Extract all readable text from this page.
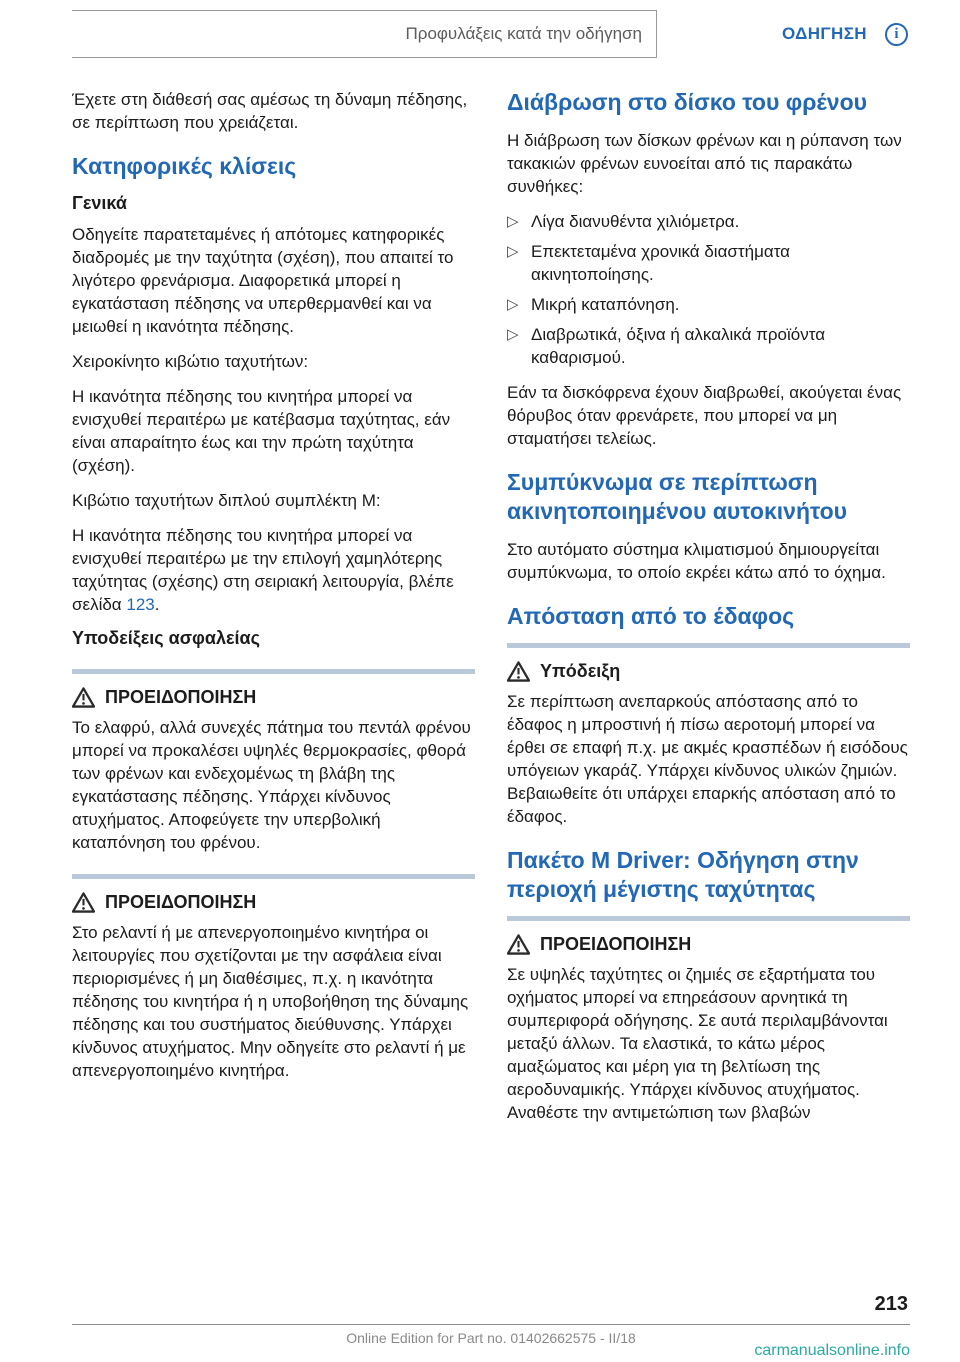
Προφυλάξεις κατά την οδήγηση	ΟΔΗΓΗΣΗ	i

Έχετε στη διάθεσή σας αμέσως τη δύναμη πέδησης, σε περίπτωση που χρειάζεται.

Κατηφορικές κλίσεις
Γενικά

Οδηγείτε παρατεταμένες ή απότομες κατηφορικές διαδρομές με την ταχύτητα (σχέση), που απαιτεί το λιγότερο φρενάρισμα. Διαφορετικά μπορεί η εγκατάσταση πέδησης να υπερθερμανθεί και να μειωθεί η ικανότητα πέδησης.

Χειροκίνητο κιβώτιο ταχυτήτων:

Η ικανότητα πέδησης του κινητήρα μπορεί να ενισχυθεί περαιτέρω με κατέβασμα ταχύτητας, εάν είναι απαραίτητο έως και την πρώτη ταχύτητα (σχέση).

Κιβώτιο ταχυτήτων διπλού συμπλέκτη M:

Η ικανότητα πέδησης του κινητήρα μπορεί να ενισχυθεί περαιτέρω με την επιλογή χαμηλότερης ταχύτητας (σχέσης) στη σειριακή λειτουργία, βλέπε σελίδα 123.

Υποδείξεις ασφαλείας
ΠΡΟΕΙΔΟΠΟΙΗΣΗ

Το ελαφρύ, αλλά συνεχές πάτημα του πεντάλ φρένου μπορεί να προκαλέσει υψηλές θερμοκρασίες, φθορά των φρένων και ενδεχομένως τη βλάβη της εγκατάστασης πέδησης. Υπάρχει κίνδυνος ατυχήματος. Αποφεύγετε την υπερβολική καταπόνηση του φρένου.

ΠΡΟΕΙΔΟΠΟΙΗΣΗ

Στο ρελαντί ή με απενεργοποιημένο κινητήρα οι λειτουργίες που σχετίζονται με την ασφάλεια είναι περιορισμένες ή μη διαθέσιμες, π.χ. η ικανότητα πέδησης του κινητήρα ή η υποβοήθηση της δύναμης πέδησης και του συστήματος διεύθυνσης. Υπάρχει κίνδυνος ατυχήματος. Μην οδηγείτε στο ρελαντί ή με απενεργοποιημένο κινητήρα.

Διάβρωση στο δίσκο του φρένου

Η διάβρωση των δίσκων φρένων και η ρύπανση των τακακιών φρένων ευνοείται από τις παρακάτω συνθήκες:

▷ Λίγα διανυθέντα χιλιόμετρα.
▷ Επεκτεταμένα χρονικά διαστήματα ακινητοποίησης.
▷ Μικρή καταπόνηση.
▷ Διαβρωτικά, όξινα ή αλκαλικά προϊόντα καθαρισμού.

Εάν τα δισκόφρενα έχουν διαβρωθεί, ακούγεται ένας θόρυβος όταν φρενάρετε, που μπορεί να μη σταματήσει τελείως.

Συμπύκνωμα σε περίπτωση ακινητοποιημένου αυτοκινήτου

Στο αυτόματο σύστημα κλιματισμού δημιουργείται συμπύκνωμα, το οποίο εκρέει κάτω από το όχημα.

Απόσταση από το έδαφος
Υπόδειξη

Σε περίπτωση ανεπαρκούς απόστασης από το έδαφος η μπροστινή ή πίσω αεροτομή μπορεί να έρθει σε επαφή π.χ. με ακμές κρασπέδων ή εισόδους υπόγειων γκαράζ. Υπάρχει κίνδυνος υλικών ζημιών. Βεβαιωθείτε ότι υπάρχει επαρκής απόσταση από το έδαφος.

Πακέτο M Driver: Οδήγηση στην περιοχή μέγιστης ταχύτητας
ΠΡΟΕΙΔΟΠΟΙΗΣΗ

Σε υψηλές ταχύτητες οι ζημιές σε εξαρτήματα του οχήματος μπορεί να επηρεάσουν αρνητικά τη συμπεριφορά οδήγησης. Σε αυτά περιλαμβάνονται μεταξύ άλλων. Τα ελαστικά, το κάτω μέρος αμαξώματος και μέρη για τη βελτίωση της αεροδυναμικής. Υπάρχει κίνδυνος ατυχήματος. Αναθέστε την αντιμετώπιση των βλαβών

213
Online Edition for Part no. 01402662575 - II/18
carmanualsonline.info
